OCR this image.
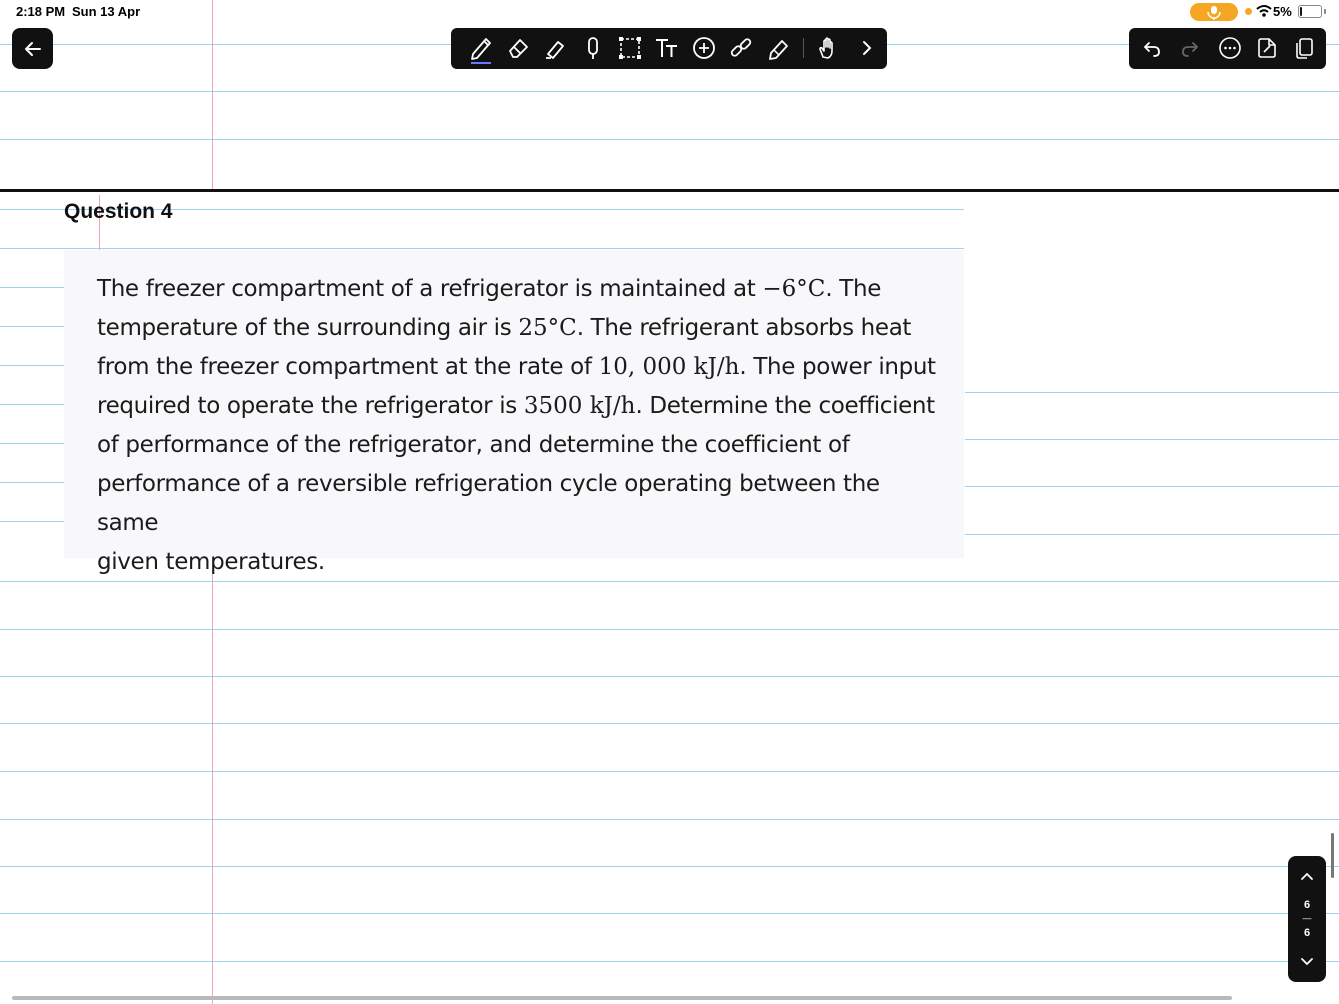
2:18 PM Sun 13 Apr	5%
Question 4
The freezer compartment of a refrigerator is maintained at −6°C. The
temperature of the surrounding air is 25°C. The refrigerant absorbs heat
from the freezer compartment at the rate of 10, 000 kJ/h. The power input
required to operate the refrigerator is 3500 kJ/h. Determine the coefficient
of performance of the refrigerator, and determine the coefficient of
performance of a reversible refrigeration cycle operating between the same
given temperatures.
6
—
6
